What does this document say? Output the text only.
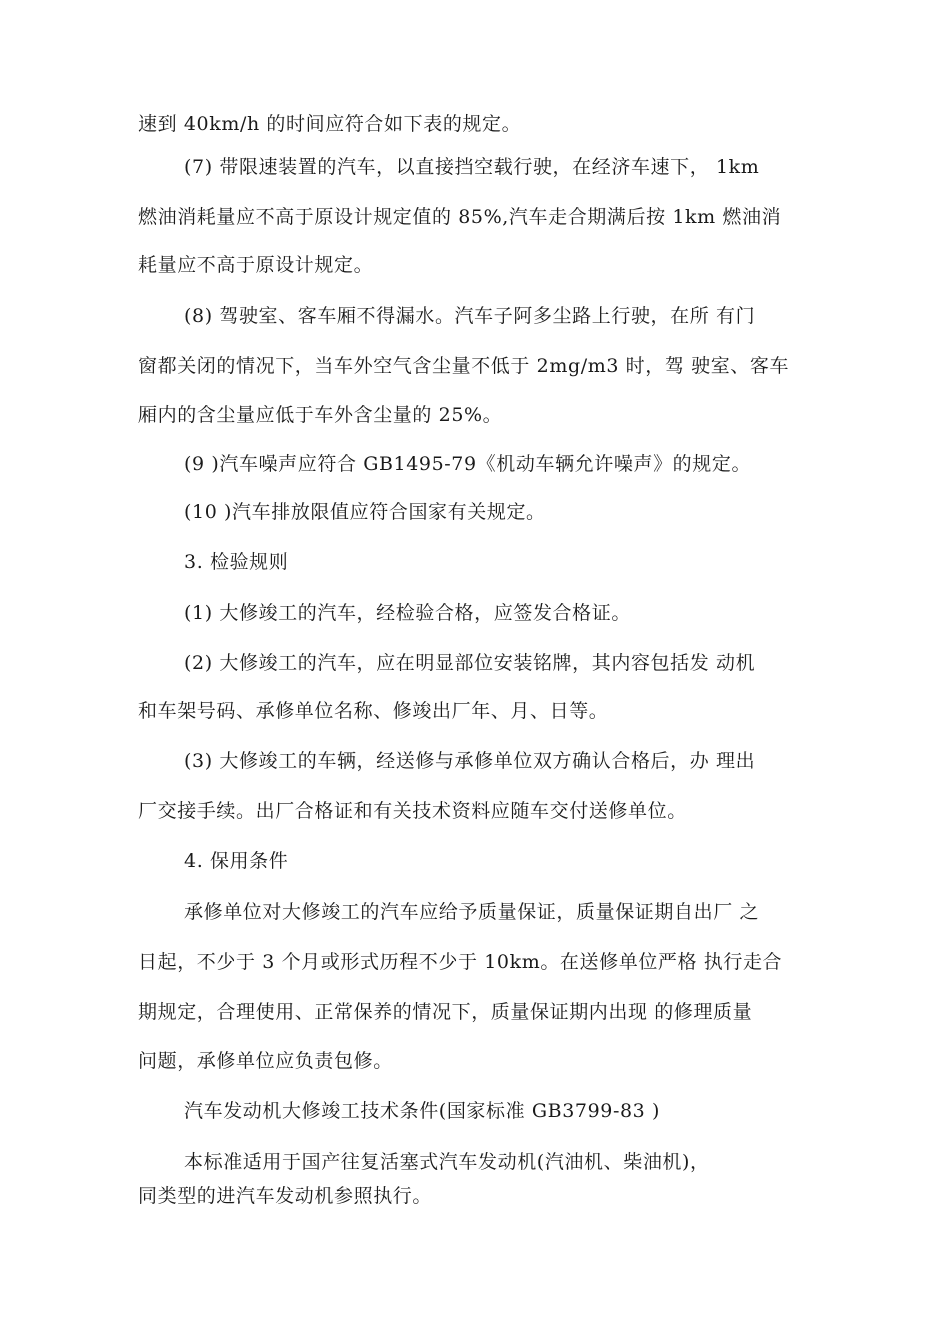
速到 40km/h 的时间应符合如下表的规定。
(7) 带限速装置的汽车，以直接挡空载行驶，在经济车速下， 1km
燃油消耗量应不高于原设计规定值的 85%,汽车走合期满后按 1km 燃油消
耗量应不高于原设计规定。
(8) 驾驶室、客车厢不得漏水。汽车子阿多尘路上行驶，在所 有门
窗都关闭的情况下，当车外空气含尘量不低于 2mg/m3 时，驾 驶室、客车
厢内的含尘量应低于车外含尘量的 25%。
(9 )汽车噪声应符合 GB1495-79《机动车辆允许噪声》的规定。
(10 )汽车排放限值应符合国家有关规定。
3. 检验规则
(1) 大修竣工的汽车，经检验合格，应签发合格证。
(2) 大修竣工的汽车，应在明显部位安装铭牌，其内容包括发 动机
和车架号码、承修单位名称、修竣出厂年、月、日等。
(3) 大修竣工的车辆，经送修与承修单位双方确认合格后，办 理出
厂交接手续。出厂合格证和有关技术资料应随车交付送修单位。
4. 保用条件
承修单位对大修竣工的汽车应给予质量保证，质量保证期自出厂 之
日起，不少于 3 个月或形式历程不少于 10km。在送修单位严格 执行走合
期规定，合理使用、正常保养的情况下，质量保证期内出现 的修理质量
问题，承修单位应负责包修。
汽车发动机大修竣工技术条件(国家标准 GB3799-83 )
本标准适用于国产往复活塞式汽车发动机(汽油机、柴油机)，
同类型的进汽车发动机参照执行。
